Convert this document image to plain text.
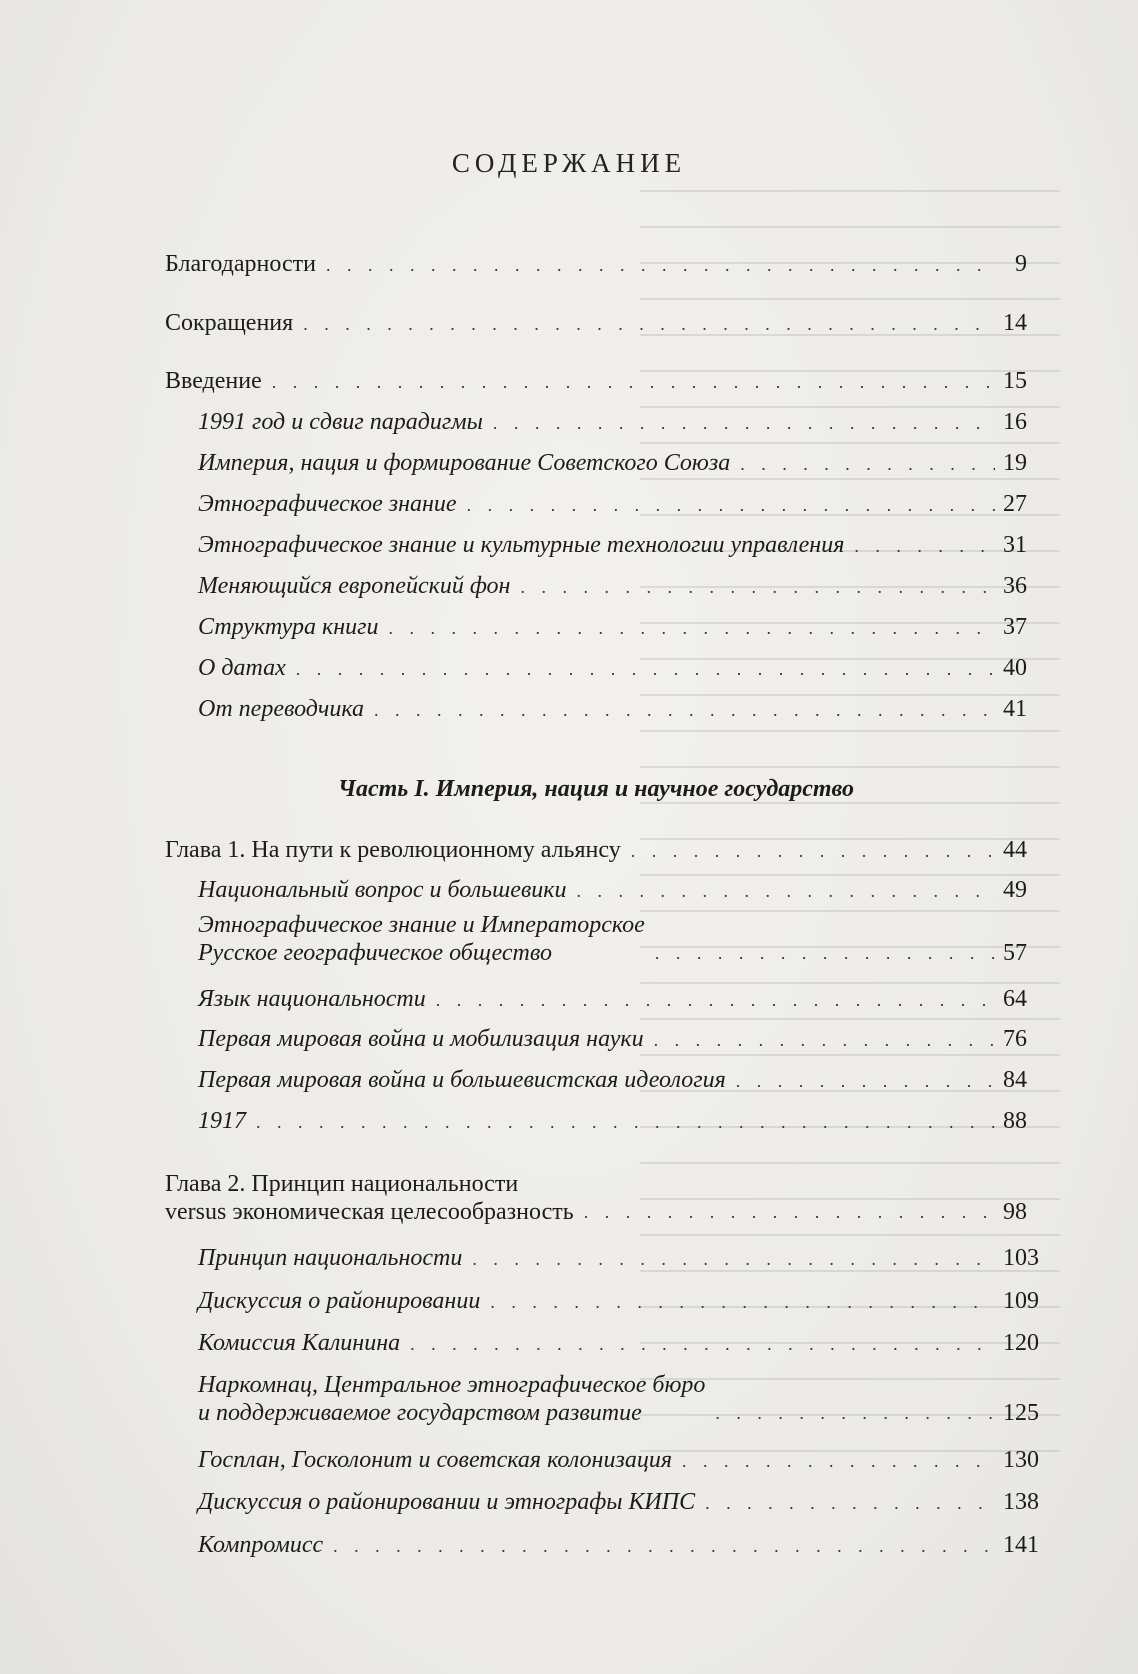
СОДЕРЖАНИЕ
Благодарности . . .	9
Сокращения . . .	14
Введение . . .	15
1991 год и сдвиг парадигмы . . .	16
Империя, нация и формирование Советского Союза . . .	19
Этнографическое знание . . .	27
Этнографическое знание и культурные технологии управления . . .	31
Меняющийся европейский фон . . .	36
Структура книги . . .	37
О датах . . .	40
От переводчика . . .	41
Часть I. Империя, нация и научное государство
Глава 1. На пути к революционному альянсу . . .	44
Национальный вопрос и большевики . . .	49
Этнографическое знание и Императорское
Русское географическое общество . . .	57
Язык национальности . . .	64
Первая мировая война и мобилизация науки . . .	76
Первая мировая война и большевистская идеология . . .	84
1917 . . .	88
Глава 2. Принцип национальности
versus экономическая целесообразность . . .	98
Принцип национальности . . .	103
Дискуссия о районировании . . .	109
Комиссия Калинина . . .	120
Наркомнац, Центральное этнографическое бюро
и поддерживаемое государством развитие . . .	125
Госплан, Госколонит и советская колонизация . . .	130
Дискуссия о районировании и этнографы КИПС . . .	138
Компромисс . . .	141
